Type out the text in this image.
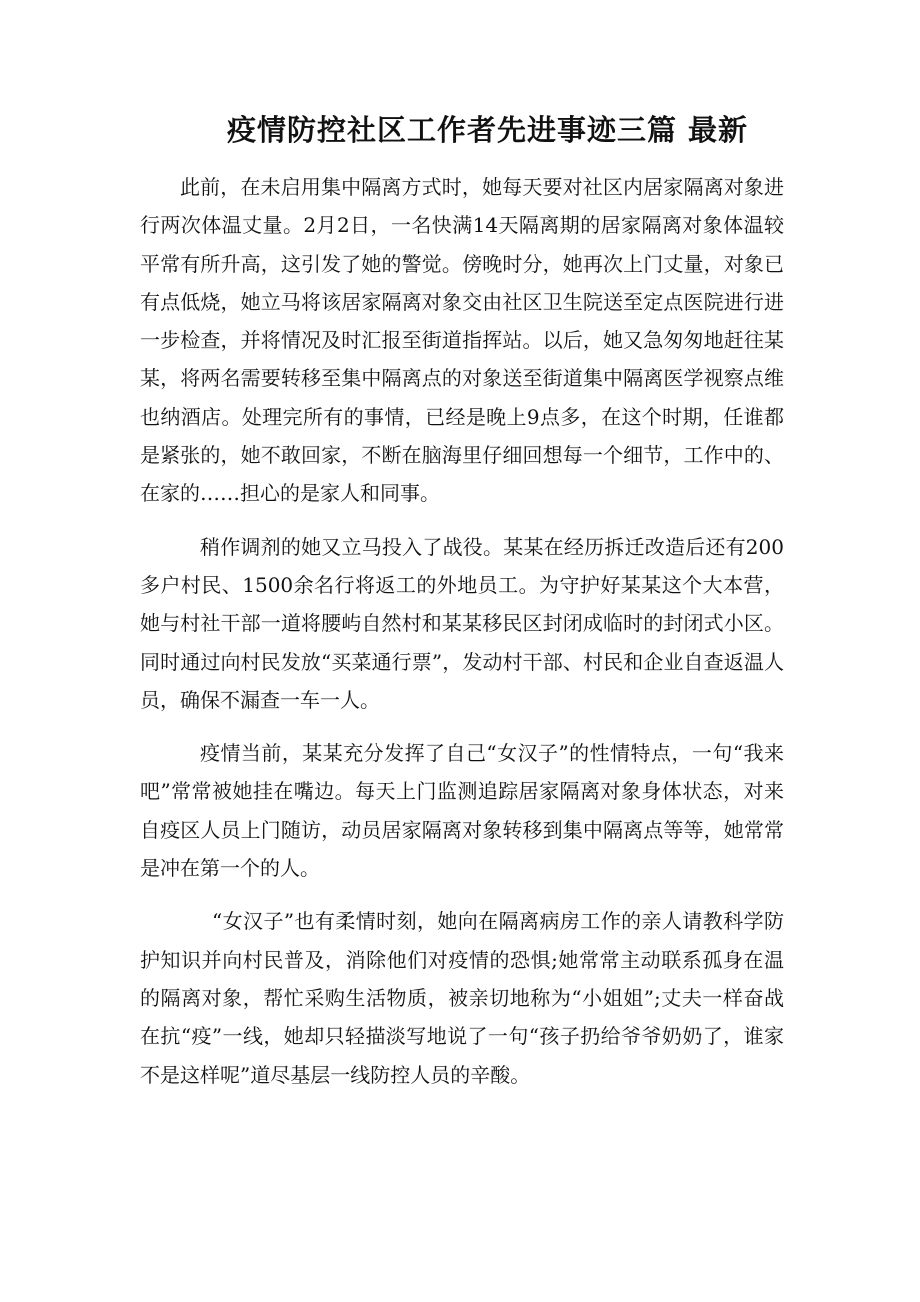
疫情防控社区工作者先进事迹三篇 最新

此前，在未启用集中隔离方式时，她每天要对社区内居家隔离对象进行两次体温丈量。2月2日，一名快满14天隔离期的居家隔离对象体温较平常有所升高，这引发了她的警觉。傍晚时分，她再次上门丈量，对象已有点低烧，她立马将该居家隔离对象交由社区卫生院送至定点医院进行进一步检查，并将情况及时汇报至街道指挥站。以后，她又急匆匆地赶往某某，将两名需要转移至集中隔离点的对象送至街道集中隔离医学视察点维也纳酒店。处理完所有的事情，已经是晚上9点多，在这个时期，任谁都是紧张的，她不敢回家，不断在脑海里仔细回想每一个细节，工作中的、在家的……担心的是家人和同事。

稍作调剂的她又立马投入了战役。某某在经历拆迁改造后还有200多户村民、1500余名行将返工的外地员工。为守护好某某这个大本营，她与村社干部一道将腰屿自然村和某某移民区封闭成临时的封闭式小区。同时通过向村民发放“买菜通行票”，发动村干部、村民和企业自查返温人员，确保不漏查一车一人。

疫情当前，某某充分发挥了自己“女汉子”的性情特点，一句“我来吧”常常被她挂在嘴边。每天上门监测追踪居家隔离对象身体状态，对来自疫区人员上门随访，动员居家隔离对象转移到集中隔离点等等，她常常是冲在第一个的人。

“女汉子”也有柔情时刻，她向在隔离病房工作的亲人请教科学防护知识并向村民普及，消除他们对疫情的恐惧;她常常主动联系孤身在温的隔离对象，帮忙采购生活物质，被亲切地称为“小姐姐”;丈夫一样奋战在抗“疫”一线，她却只轻描淡写地说了一句“孩子扔给爷爷奶奶了，谁家不是这样呢”道尽基层一线防控人员的辛酸。
